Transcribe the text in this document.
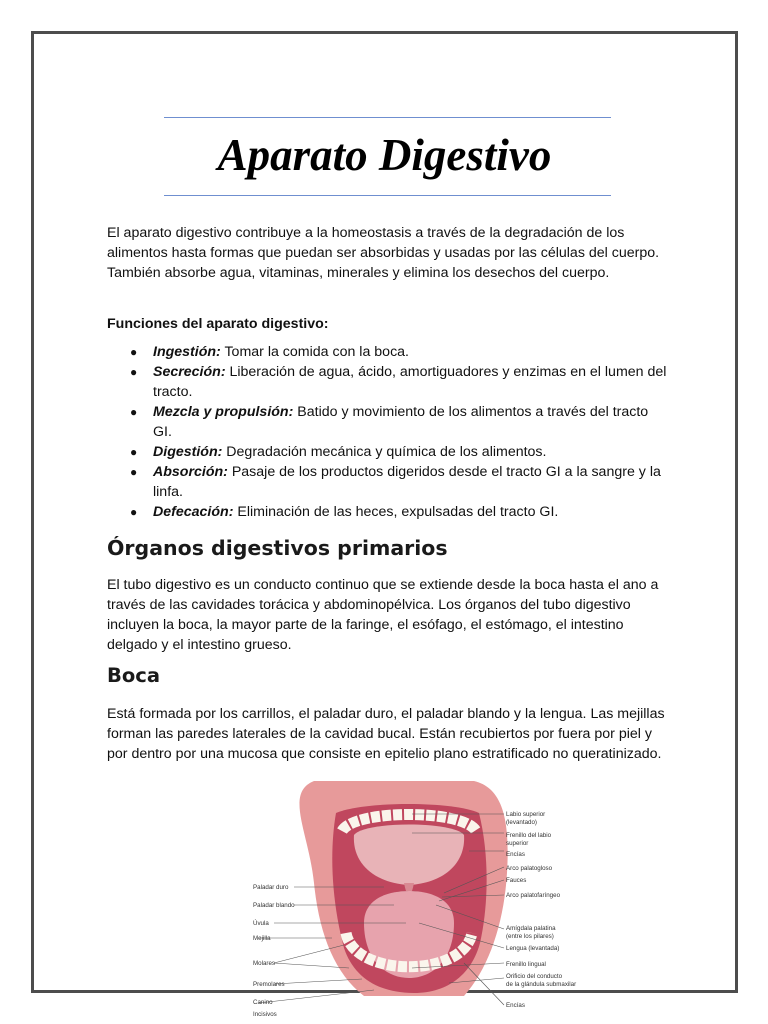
Aparato Digestivo

El aparato digestivo contribuye a la homeostasis a través de la degradación de los alimentos hasta formas que puedan ser absorbidas y usadas por las células del cuerpo. También absorbe agua, vitaminas, minerales y elimina los desechos del cuerpo.

Funciones del aparato digestivo:

● Ingestión: Tomar la comida con la boca.
● Secreción: Liberación de agua, ácido, amortiguadores y enzimas en el lumen del tracto.
● Mezcla y propulsión: Batido y movimiento de los alimentos a través del tracto GI.
● Digestión: Degradación mecánica y química de los alimentos.
● Absorción: Pasaje de los productos digeridos desde el tracto GI a la sangre y la linfa.
● Defecación: Eliminación de las heces, expulsadas del tracto GI.
Órganos digestivos primarios

El tubo digestivo es un conducto continuo que se extiende desde la boca hasta el ano a través de las cavidades torácica y abdominopélvica. Los órganos del tubo digestivo incluyen la boca, la mayor parte de la faringe, el esófago, el estómago, el intestino delgado y el intestino grueso.

Boca

Está formada por los carrillos, el paladar duro, el paladar blando y la lengua. Las mejillas forman las paredes laterales de la cavidad bucal. Están recubiertos por fuera por piel y por dentro por una mucosa que consiste en epitelio plano estratificado no queratinizado.

Labio superior
(levantado)
Frenillo del labio
superior
Encías
Arco palatogloso
Fauces
Arco palatofaríngeo
Amígdala palatina
(entre los pilares)
Lengua (levantada)
Frenillo lingual
Orificio del conducto
de la glándula submaxilar
Encías
Paladar duro
Paladar blando
Úvula
Mejilla
Molares
Premolares
Canino
Incisivos
